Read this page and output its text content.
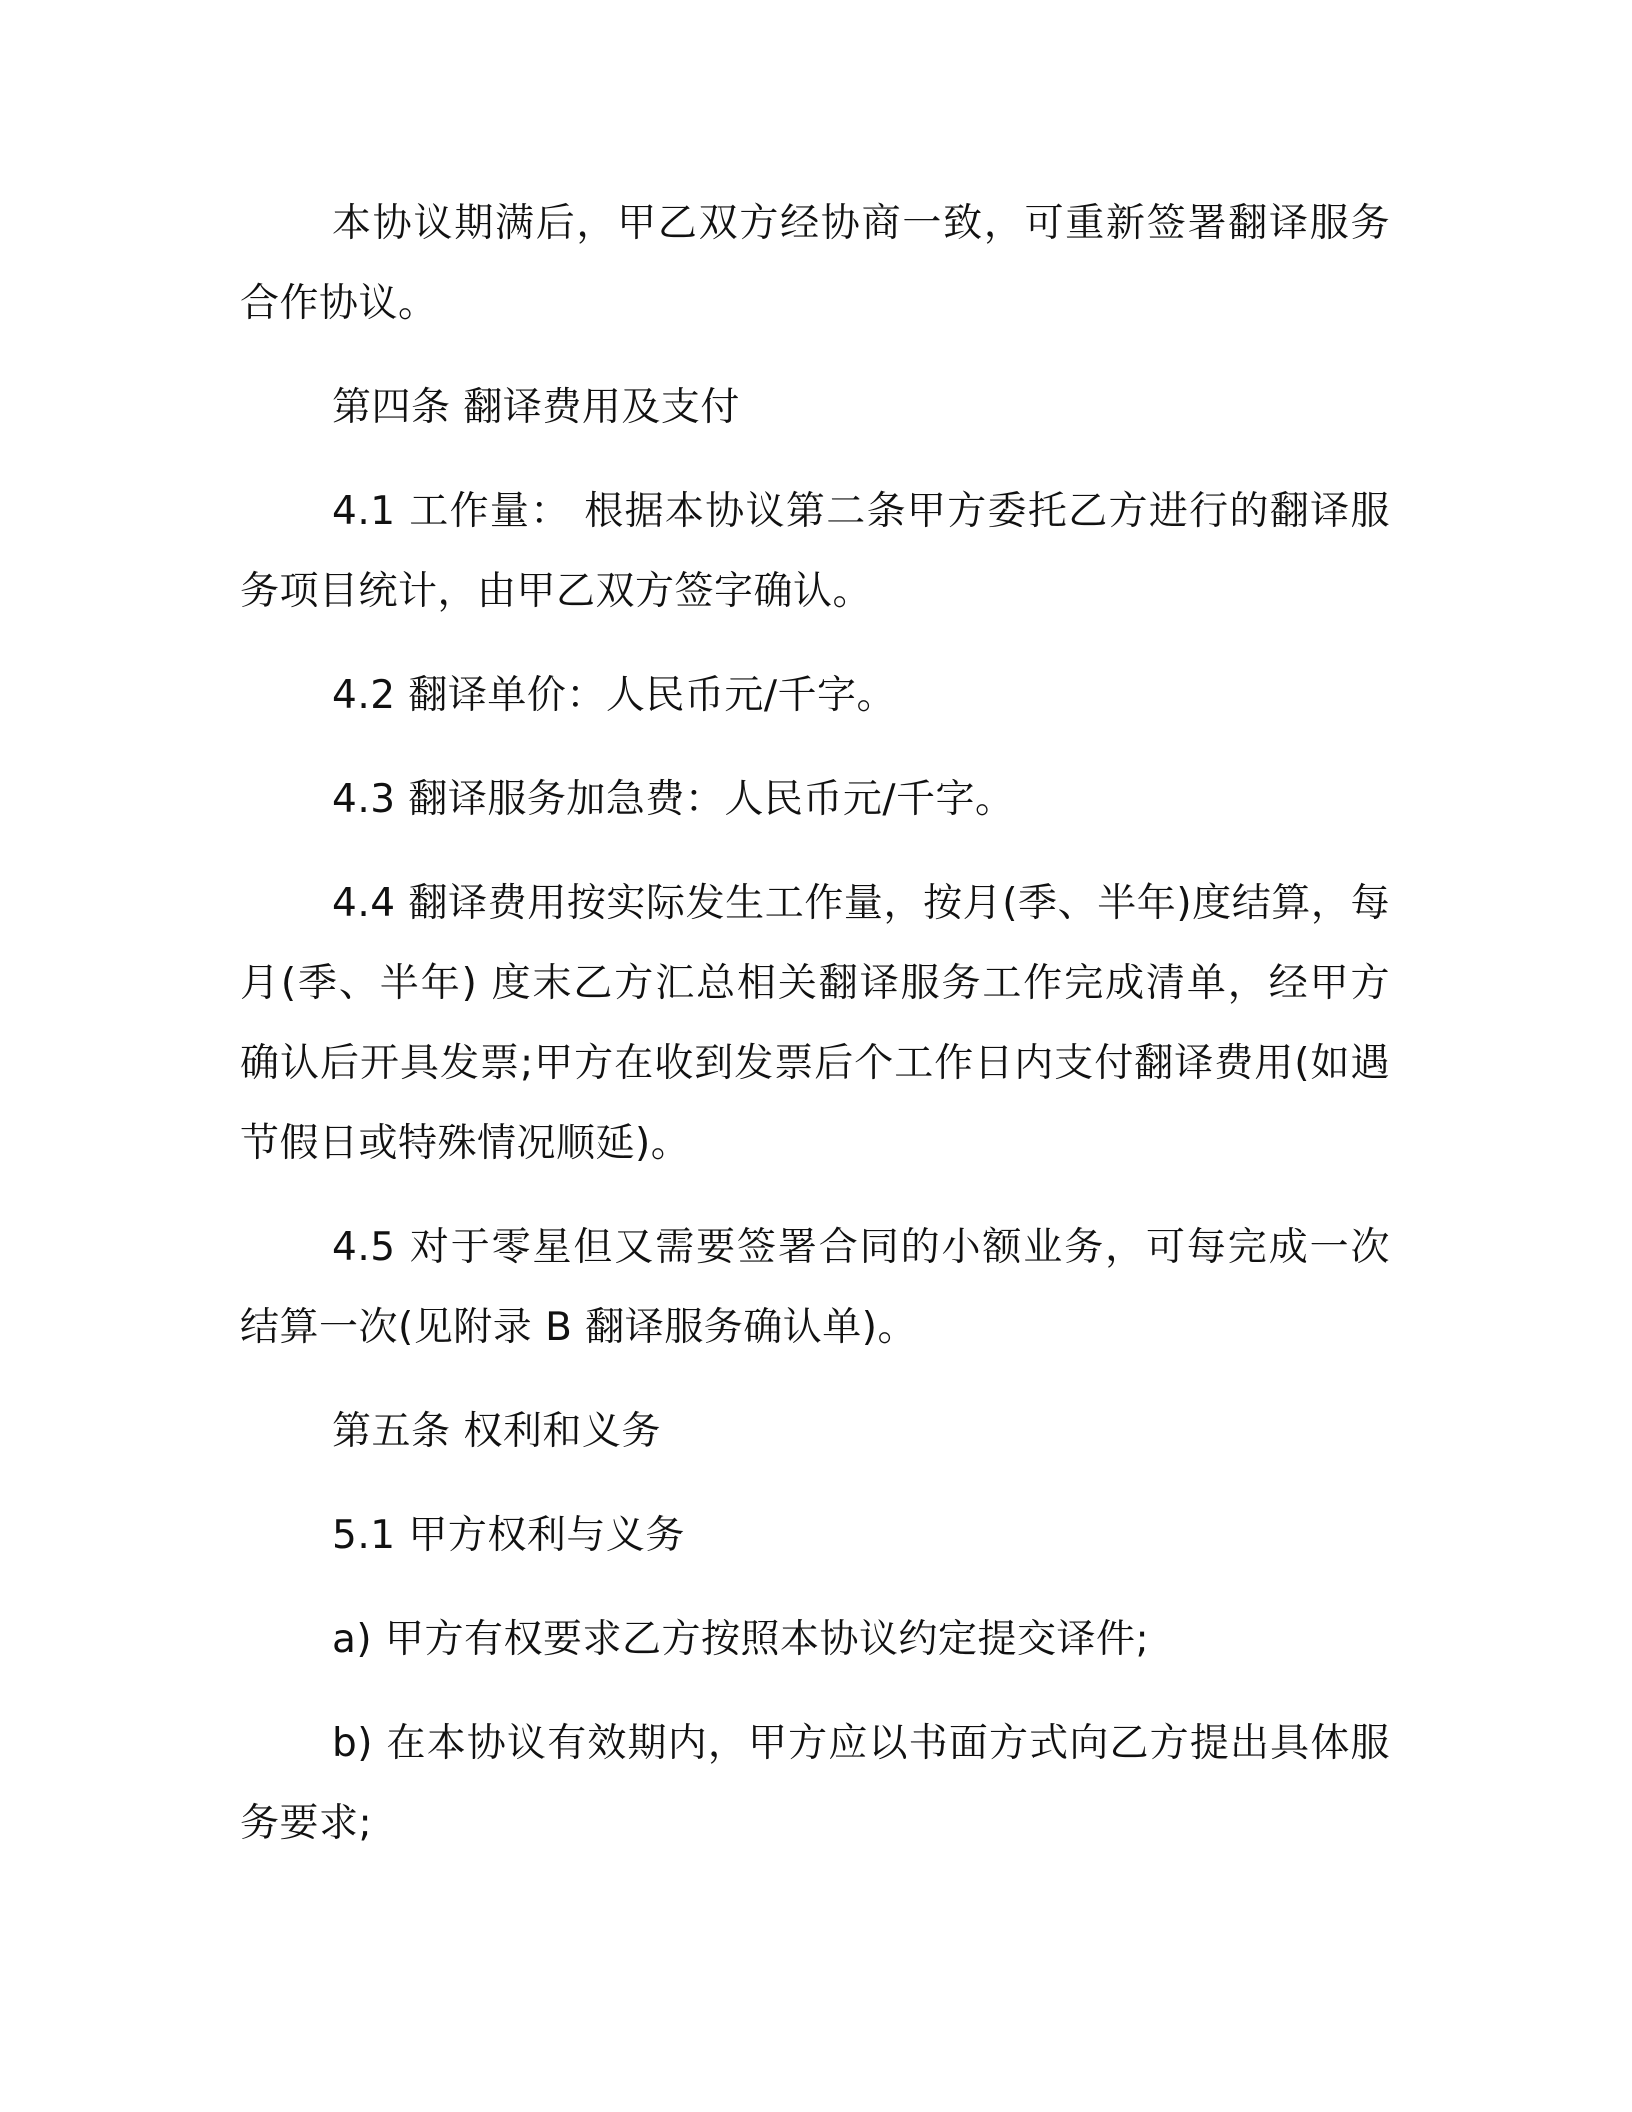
本协议期满后，甲乙双方经协商一致，可重新签署翻译服务合作协议。

第四条 翻译费用及支付

4.1 工作量： 根据本协议第二条甲方委托乙方进行的翻译服务项目统计，由甲乙双方签字确认。

4.2 翻译单价：人民币元/千字。

4.3 翻译服务加急费：人民币元/千字。

4.4 翻译费用按实际发生工作量，按月(季、半年)度结算，每月(季、半年) 度末乙方汇总相关翻译服务工作完成清单，经甲方确认后开具发票;甲方在收到发票后个工作日内支付翻译费用(如遇节假日或特殊情况顺延)。

4.5 对于零星但又需要签署合同的小额业务，可每完成一次结算一次(见附录 B 翻译服务确认单)。

第五条 权利和义务

5.1 甲方权利与义务

a) 甲方有权要求乙方按照本协议约定提交译件;

b) 在本协议有效期内，甲方应以书面方式向乙方提出具体服务要求;
